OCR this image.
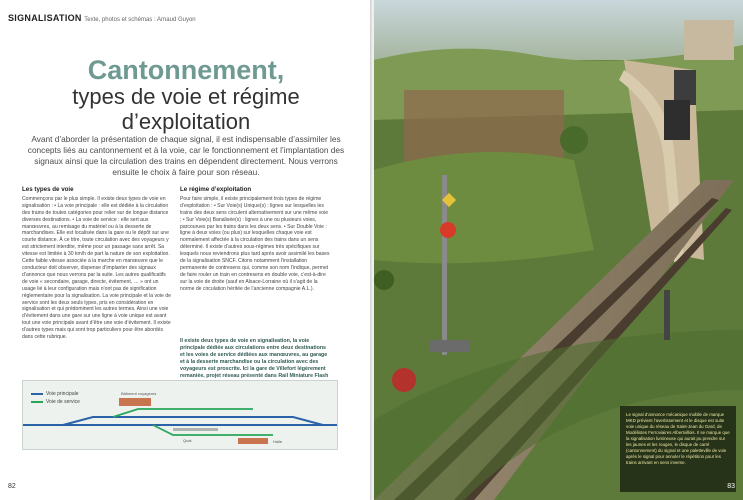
SIGNALISATION Texte, photos et schémas : Arnaud Guyon
Cantonnement,
types de voie et régime
d’exploitation
Avant d’aborder la présentation de chaque signal, il est indispensable d’assimiler les concepts liés au cantonnement et à la voie, car le fonctionnement et l’implantation des signaux ainsi que la circulation des trains en dépendent directement. Nous verrons ensuite le choix à faire pour son réseau.
Les types de voie

Commençons par le plus simple. Il existe deux types de voie en signalisation : • La voie principale : elle est dédiée à la circulation des trains de toutes catégories pour relier sur de longue distance diverses destinations. • La voie de service : elle sert aux manœuvres, au remisage du matériel ou à la desserte de marchandises. Elle est localisée dans la gare ou le dépôt sur une courte distance. À ce titre, toute circulation avec des voyageurs y est strictement interdite, même pour un passage sans arrêt. Sa vitesse est limitée à 30 km/h de part la nature de son exploitation. Cette faible vitesse associée à la marche en manœuvre que le conducteur doit observer, dispense d’implanter des signaux d’annonce que nous verrons par la suite. Les autres qualificatifs de voie « secondaire, garage, directe, évitement, … » ont un usage lié à leur configuration mais n’ont pas de signification réglementaire pour la signalisation. La voie principale et la voie de service sont les deux seuls types, pris en considération en signalisation et qui prédominent les autres termes. Ainsi une voie d’évitement dans une gare sur une ligne à voie unique est avant tout une voie principale avant d’être une voie d’évitement. Il existe d’autres types mais qui sont trop particuliers pour être abordés dans cette rubrique.

Le régime d’exploitation

Pour faire simple, il existe principalement trois types de régime d’exploitation : • Sur Voie(s) Unique(s) : lignes sur lesquelles les trains des deux sens circulent alternativement sur une même voie ; • Sur Voie(s) Banalisée(s) : lignes à une ou plusieurs voies, parcourues par les trains dans les deux sens. • Sur Double Voie : ligne à deux voies (ou plus) sur lesquelles chaque voie est normalement affectée à la circulation des trains dans un sens déterminé. Il existe d’autres sous-régimes très spécifiques sur lesquels nous reviendrons plus tard après avoir assimilé les bases de la signalisation SNCF. Citons notamment l’installation permanente de contresens qui, comme son nom l’indique, permet de faire rouler un train en contresens en double voie, c’est-à-dire sur la voie de droite (sauf en Alsace-Lorraine où il s’agit de la norme de circulation héritée de l’ancienne compagnie A.L.).

Il existe deux types de voie en signalisation, la voie principale dédiée aux circulations entre deux destinations et les voies de service dédiées aux manœuvres, au garage et à la desserte marchandise ou la circulation avec des voyageurs est proscrite. Ici la gare de Villefort légèrement remaniée, projet réseau présenté dans Rail Miniature Flash
Voie principale
Voie de service
Bâtiment voyageurs
Quai	Halle
82
Le signal d’annonce mécanique mobile de marque MKD prévient l’avertissement et le disque est suite voie unique du réseau de Saint-Jean du Gard, de Modélistes Ferroviaires Albertvillois. Il se marque que la signalisation lumineuse qui aurait pu prendre sur les jaunes et les rouges, le disque de carré (cantonnement) du signal et une paletteville de voie après le signal pour annuler le répétition pour les trains arrivant en sens inverse.
83
